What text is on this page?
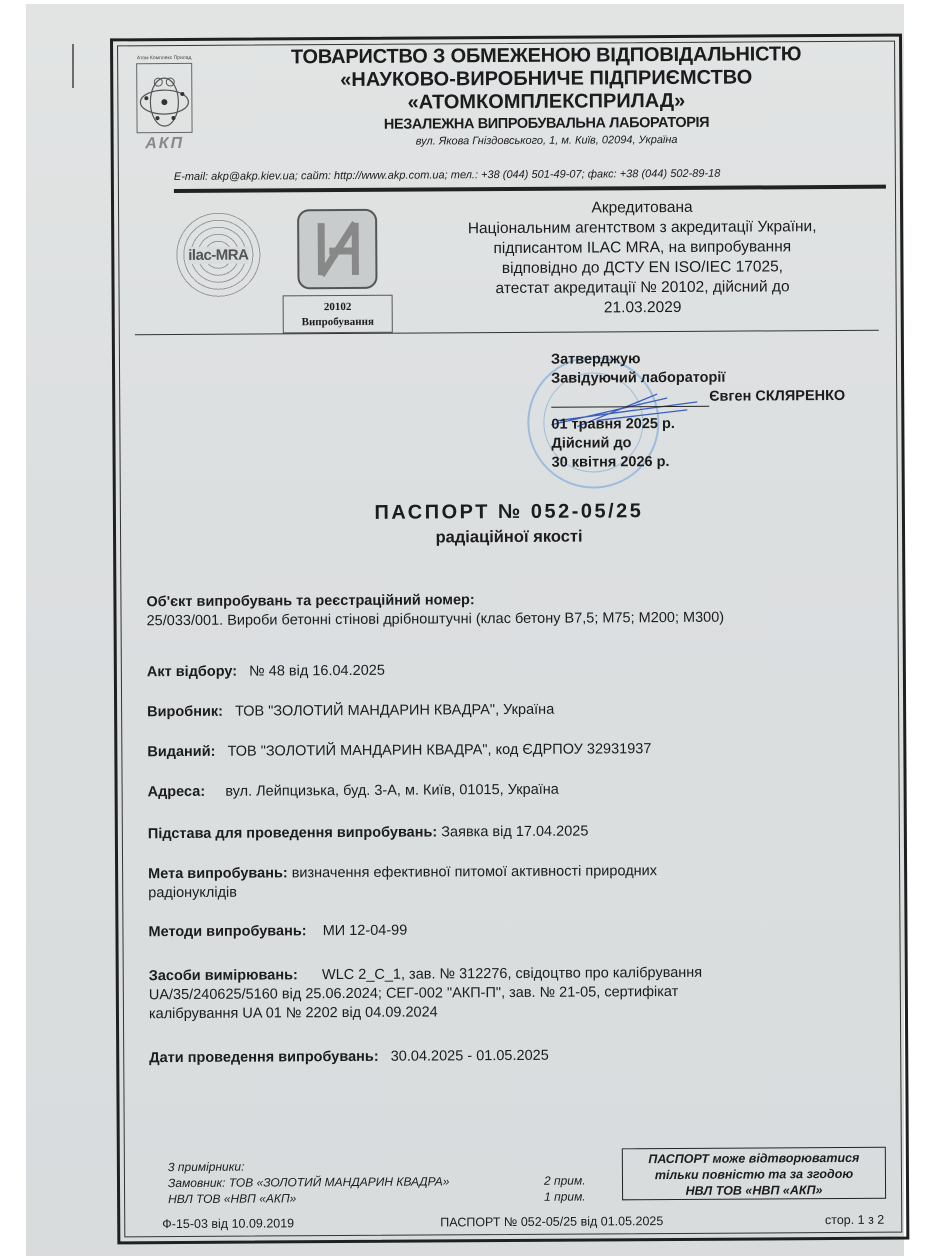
Атом Комплекс Прилад
АКП
ТОВАРИСТВО З ОБМЕЖЕНОЮ ВІДПОВІДАЛЬНІСТЮ
«НАУКОВО-ВИРОБНИЧЕ ПІДПРИЄМСТВО
«АТОМКОМПЛЕКСПРИЛАД»
НЕЗАЛЕЖНА ВИПРОБУВАЛЬНА ЛАБОРАТОРІЯ
вул. Якова Гніздовського, 1, м. Київ, 02094, Україна
E-mail: akp@akp.kiev.ua; сайт: http://www.akp.com.ua; тел.: +38 (044) 501-49-07; факс: +38 (044) 502-89-18
ilac-MRA
20102
Випробування
Акредитована
Національним агентством з акредитації України,
підписантом ILAC MRA, на випробування
відповідно до ДСТУ EN ISO/IEC 17025,
атестат акредитації № 20102, дійсний до
21.03.2029
Затверджую
Завідуючий лабораторії
Євген СКЛЯРЕНКО
01 травня 2025 р.
Дійсний до
30 квітня 2026 р.
ПАСПОРТ № 052-05/25
радіаційної якості
Об'єкт випробувань та реєстраційний номер:
25/033/001. Вироби бетонні стінові дрібноштучні (клас бетону В7,5; М75; М200; М300)
Акт відбору: № 48 від 16.04.2025
Виробник: ТОВ "ЗОЛОТИЙ МАНДАРИН КВАДРА", Україна
Виданий: ТОВ "ЗОЛОТИЙ МАНДАРИН КВАДРА", код ЄДРПОУ 32931937
Адреса: вул. Лейпцизька, буд. 3-А, м. Київ, 01015, Україна
Підстава для проведення випробувань: Заявка від 17.04.2025
Мета випробувань: визначення ефективної питомої активності природних
радіонуклідів
Методи випробувань: МИ 12-04-99
Засоби вимірювань: WLC 2_C_1, зав. № 312276, свідоцтво про калібрування
UA/35/240625/5160 від 25.06.2024; СЕГ-002 "АКП-П", зав. № 21-05, сертифікат
калібрування UA 01 № 2202 від 04.09.2024
Дати проведення випробувань: 30.04.2025 - 01.05.2025
3 примірники:
Замовник: ТОВ «ЗОЛОТИЙ МАНДАРИН КВАДРА»
НВЛ ТОВ «НВП «АКП»
2 прим.
1 прим.
ПАСПОРТ може відтворюватися
тільки повністю та за згодою
НВЛ ТОВ «НВП «АКП»
Ф-15-03 від 10.09.2019	ПАСПОРТ № 052-05/25 від 01.05.2025	стор. 1 з 2
